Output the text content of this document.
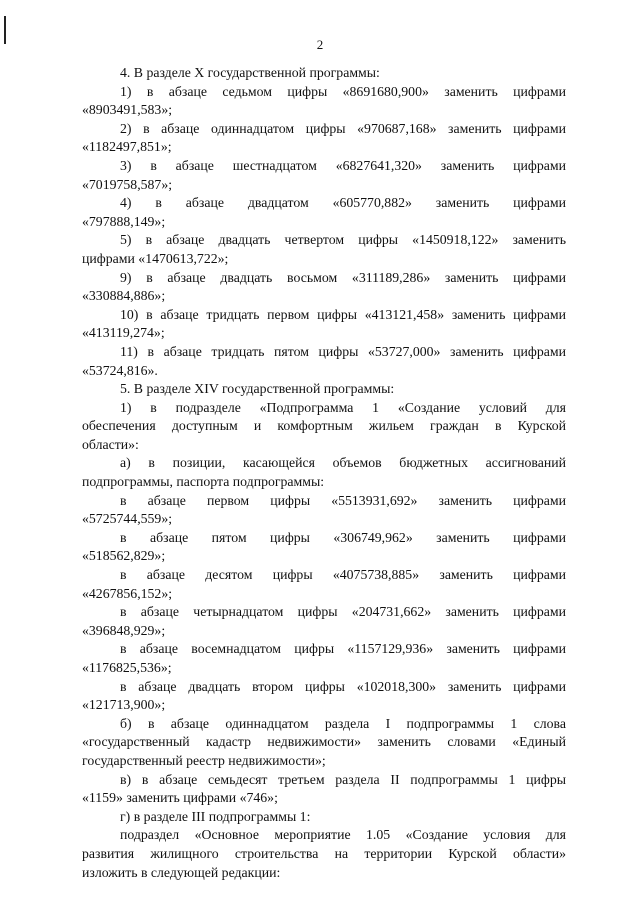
2
4. В разделе X государственной программы:
1) в абзаце седьмом цифры «8691680,900» заменить цифрами
«8903491,583»;
2) в абзаце одиннадцатом цифры «970687,168» заменить цифрами
«1182497,851»;
3) в абзаце шестнадцатом «6827641,320» заменить цифрами
«7019758,587»;
4) в абзаце двадцатом «605770,882» заменить цифрами
«797888,149»;
5) в абзаце двадцать четвертом цифры «1450918,122» заменить
цифрами «1470613,722»;
9) в абзаце двадцать восьмом «311189,286» заменить цифрами
«330884,886»;
10) в абзаце тридцать первом цифры «413121,458» заменить цифрами
«413119,274»;
11) в абзаце тридцать пятом цифры «53727,000» заменить цифрами
«53724,816».
5. В разделе XIV государственной программы:
1) в подразделе «Подпрограмма 1 «Создание условий для
обеспечения доступным и комфортным жильем граждан в Курской
области»:
а) в позиции, касающейся объемов бюджетных ассигнований
подпрограммы, паспорта подпрограммы:
в абзаце первом цифры «5513931,692» заменить цифрами
«5725744,559»;
в абзаце пятом цифры «306749,962» заменить цифрами
«518562,829»;
в абзаце десятом цифры «4075738,885» заменить цифрами
«4267856,152»;
в абзаце четырнадцатом цифры «204731,662» заменить цифрами
«396848,929»;
в абзаце восемнадцатом цифры «1157129,936» заменить цифрами
«1176825,536»;
в абзаце двадцать втором цифры «102018,300» заменить цифрами
«121713,900»;
б) в абзаце одиннадцатом раздела I подпрограммы 1 слова
«государственный кадастр недвижимости» заменить словами «Единый
государственный реестр недвижимости»;
в) в абзаце семьдесят третьем раздела II подпрограммы 1 цифры
«1159» заменить цифрами «746»;
г) в разделе III подпрограммы 1:
подраздел «Основное мероприятие 1.05 «Создание условия для
развития жилищного строительства на территории Курской области»
изложить в следующей редакции:
